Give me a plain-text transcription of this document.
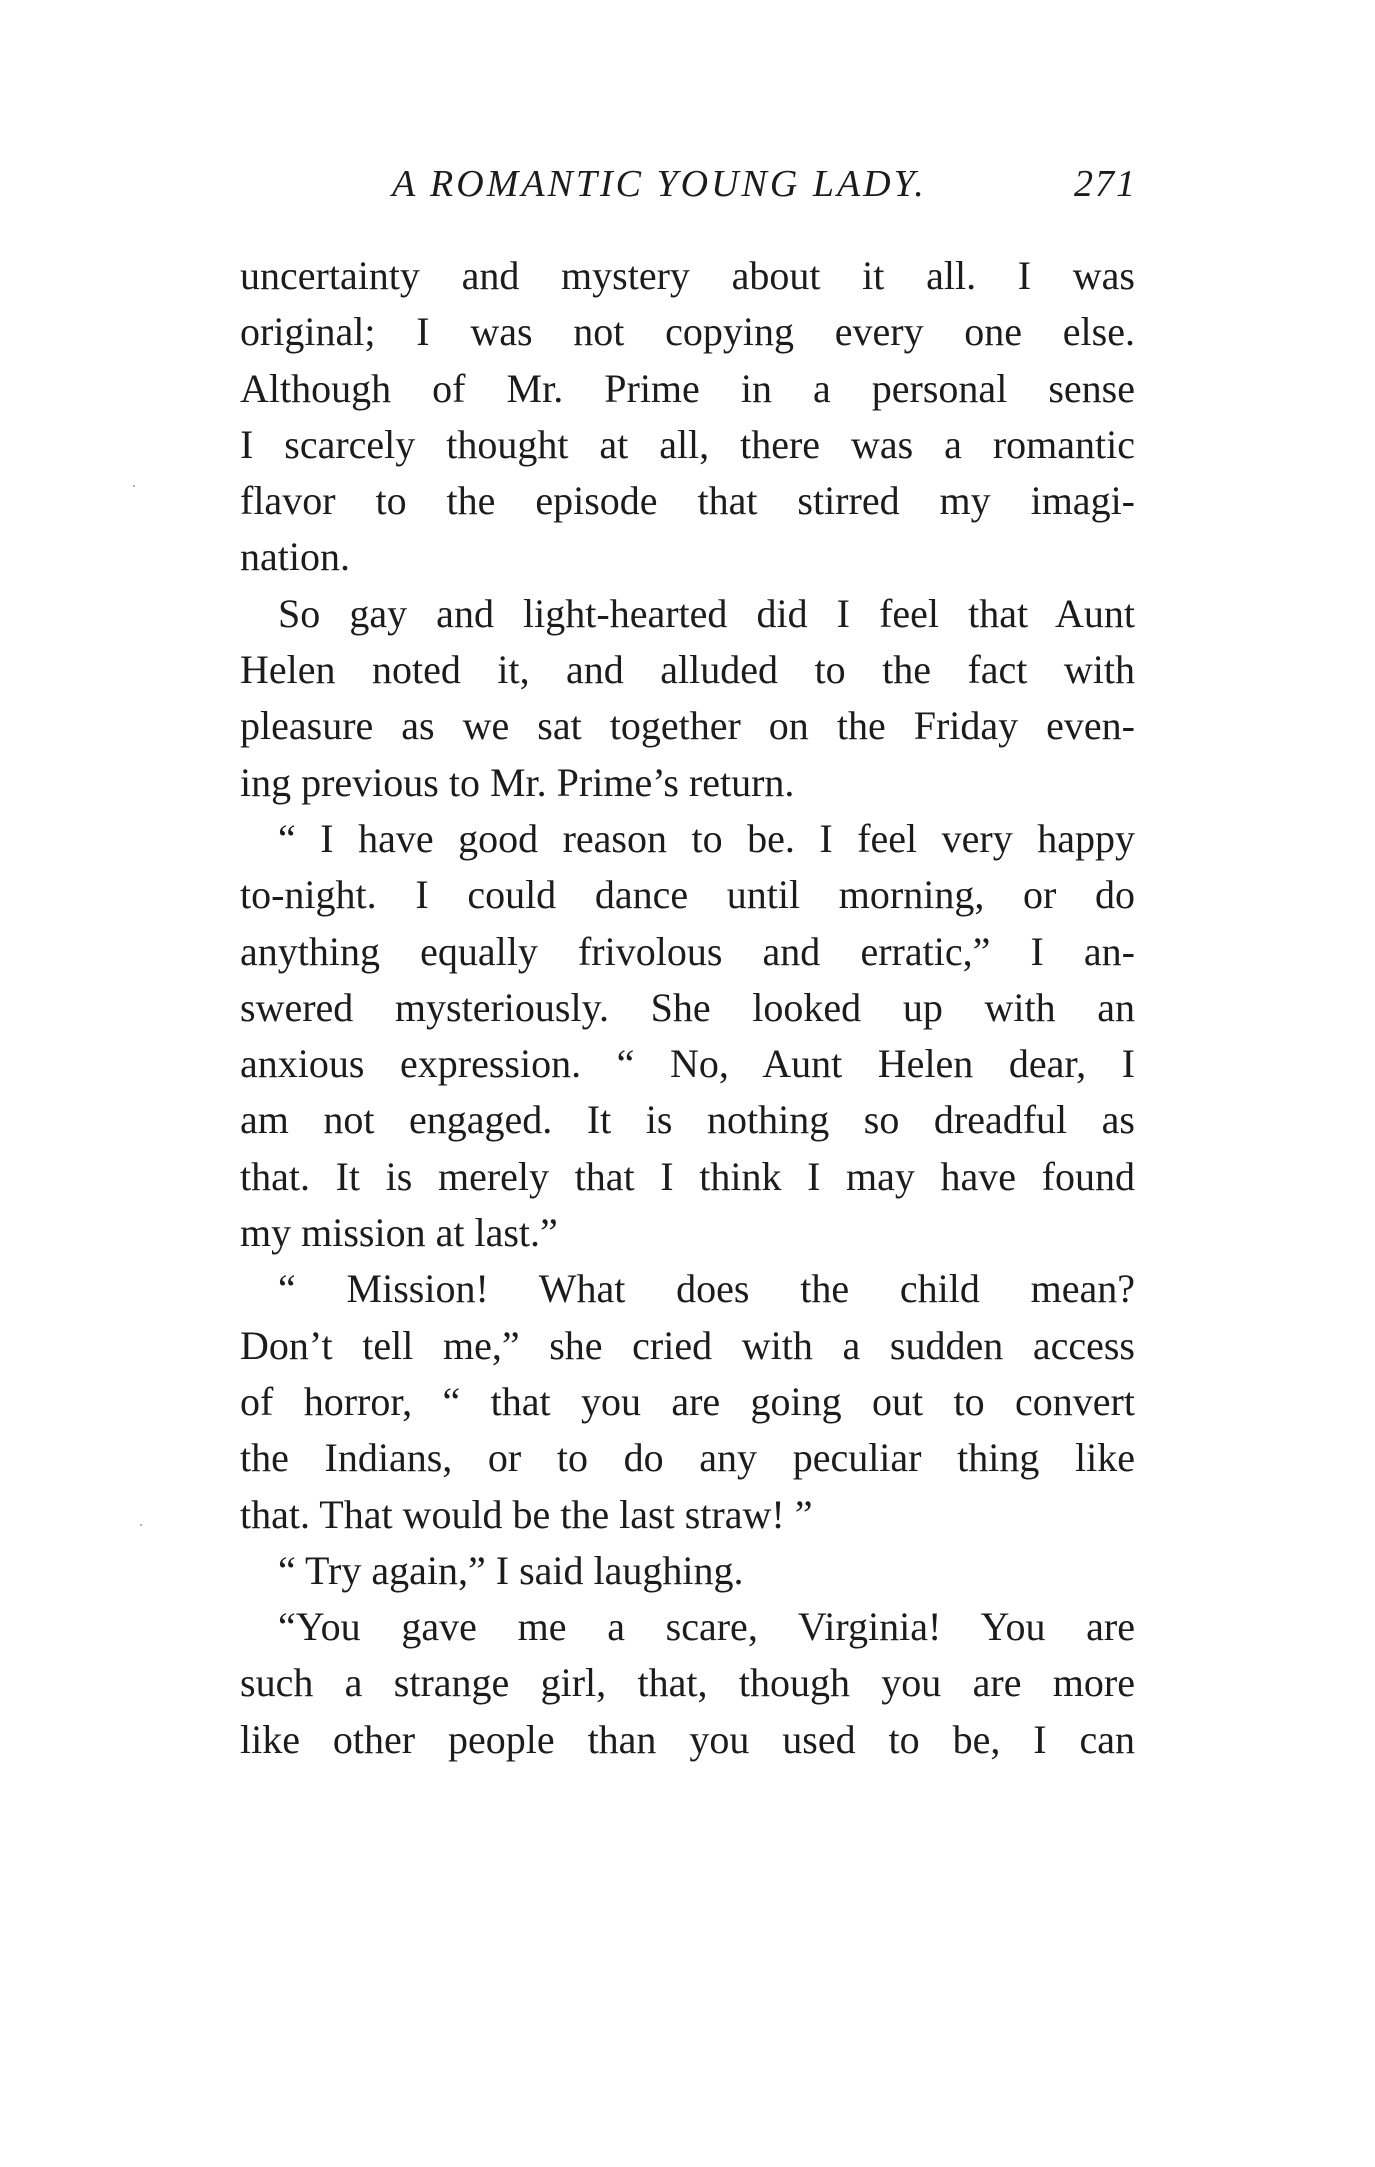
A ROMANTIC YOUNG LADY.	271
uncertainty and mystery about it all. I was
original; I was not copying every one else.
Although of Mr. Prime in a personal sense
I scarcely thought at all, there was a romantic
flavor to the episode that stirred my imagi-
nation.
So gay and light-hearted did I feel that Aunt
Helen noted it, and alluded to the fact with
pleasure as we sat together on the Friday even-
ing previous to Mr. Prime’s return.
“ I have good reason to be. I feel very happy
to-night. I could dance until morning, or do
anything equally frivolous and erratic,” I an-
swered mysteriously. She looked up with an
anxious expression. “ No, Aunt Helen dear, I
am not engaged. It is nothing so dreadful as
that. It is merely that I think I may have found
my mission at last.”
“ Mission! What does the child mean?
Don’t tell me,” she cried with a sudden access
of horror, “ that you are going out to convert
the Indians, or to do any peculiar thing like
that. That would be the last straw! ”
“ Try again,” I said laughing.
“You gave me a scare, Virginia! You are
such a strange girl, that, though you are more
like other people than you used to be, I can
